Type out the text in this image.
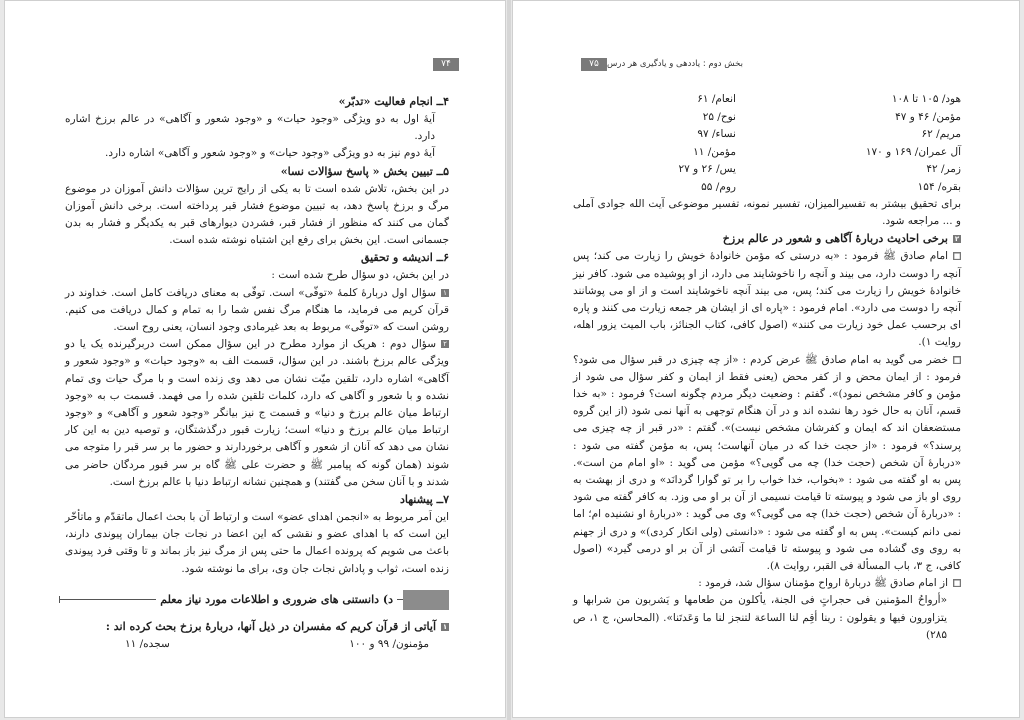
۷۴
۴ــ انجام فعالیت «تدبّر»

آیهٔ اول به دو ویژگی «وجود حیات» و «وجود شعور و آگاهی» در عالم برزخ اشاره دارد.

آیهٔ دوم نیز به دو ویژگی «وجود حیات» و «وجود شعور و آگاهی» اشاره دارد.

۵ــ تبیین بخش « پاسخ سؤالات نسا»

در این بخش، تلاش شده است تا به یکی از رایج ترین سؤالات دانش آموزان در موضوع مرگ و برزخ پاسخ دهد، به تبیین موضوع فشار قبر پرداخته است. برخی دانش آموزان گمان می کنند که منظور از فشار قبر، فشردن دیوارهای قبر به یکدیگر و فشار به بدن جسمانی است. این بخش برای رفع این اشتباه نوشته شده است.

۶ــ اندیشه و تحقیق

در این بخش، دو سؤال طرح شده است :

۱سؤال اول دربارهٔ کلمهٔ «توفّی» است. توفّی به معنای دریافت کامل است. خداوند در قرآن کریم می فرماید، ما هنگام مرگ نفس شما را به تمام و کمال دریافت می کنیم. روشن است که «توفّی» مربوط به بعد غیرمادی وجود انسان، یعنی روح است.

۲سؤال دوم : هریک از موارد مطرح در این سؤال ممکن است دربرگیرنده یک یا دو ویژگی عالم برزخ باشند. در این سؤال، قسمت الف به «وجود حیات» و «وجود شعور و آگاهی» اشاره دارد، تلقین میّت نشان می دهد وی زنده است و با مرگ حیات وی تمام نشده و با شعور و آگاهی که دارد، کلمات تلقین شده را می فهمد. قسمت ب به «وجود ارتباط میان عالم برزخ و دنیا» و قسمت ج نیز بیانگر «وجود شعور و آگاهی» و «وجود ارتباط میان عالم برزخ و دنیا» است؛ زیارت قبور درگذشتگان، و توصیه دین به این کار نشان می دهد که آنان از شعور و آگاهی برخوردارند و حضور ما بر سر قبر را متوجه می شوند (همان گونه که پیامبر ﷺ و حضرت علی ﷺ گاه بر سر قبور مردگان حاضر می شدند و با آنان سخن می گفتند) و همچنین نشانه ارتباط دنیا با عالم برزخ است.

۷ــ پیشنهاد

این اَمر مربوط به «انجمن اهدای عضو» است و ارتباط آن با بحث اعمال ماتقدّم و ماتأخّر این است که با اهدای عضو و نقشی که این اعضا در نجات جان بیماران پیوندی دارند، باعث می شویم که پرونده اعمال ما حتی پس از مرگ نیز باز بماند و تا وقتی فرد پیوندی زنده است، ثواب و پاداش نجات جان وی، برای ما نوشته شود.

د) دانستنی های ضروری و اطلاعات مورد نیاز معلم
۱آیاتی از قرآن کریم که مفسران در ذیل آنها، دربارهٔ برزخ بحث کرده اند :
مؤمنون/ ۹۹ و ۱۰۰	سجده/ ۱۱
۷۵ بخش دوم : یاددهی و یادگیری هر درس
هود/ ۱۰۵ تا ۱۰۸	انعام/ ۶۱
مؤمن/ ۴۶ و ۴۷	نوح/ ۲۵
مریم/ ۶۲	نساء/ ۹۷
آل عمران/ ۱۶۹ و ۱۷۰	مؤمن/ ۱۱
زمر/ ۴۲	یس/ ۲۶ و ۲۷
بقره/ ۱۵۴	روم/ ۵۵

برای تحقیق بیشتر به تفسیرالمیزان، تفسیر نمونه، تفسیر موضوعی آیت الله جوادی آملی و ... مراجعه شود.

۲برخی احادیث دربارهٔ آگاهی و شعور در عالم برزخ

■امام صادق ﷺ فرمود : «به درستی که مؤمن خانوادهٔ خویش را زیارت می کند؛ پس آنچه را دوست دارد، می بیند و آنچه را ناخوشایند می دارد، از او پوشیده می شود. کافر نیز خانوادهٔ خویش را زیارت می کند؛ پس، می بیند آنچه ناخوشایند است و از او می پوشانند آنچه را دوست می دارد». امام فرمود : «پاره ای از ایشان هر جمعه زیارت می کنند و پاره ای برحسب عمل خود زیارت می کنند» (اصول کافی، کتاب الجنائز، باب المیت یزور اهله، روایت ۱).

■خضر می گوید به امام صادق ﷺ عرض کردم : «از چه چیزی در قبر سؤال می شود؟ فرمود : از ایمان محض و از کفر محض (یعنی فقط از ایمان و کفر سؤال می شود از مؤمن و کافر مشخص نمود)». گفتم : وضعیت دیگر مردم چگونه است؟ فرمود : «به خدا قسم، آنان به حال خود رها نشده اند و در آن هنگام توجهی به آنها نمی شود (از این گروه مستضعفان اند که ایمان و کفرشان مشخص نیست)». گفتم : «در قبر از چه چیزی می پرسند؟» فرمود : «از حجت خدا که در میان آنهاست؛ پس، به مؤمن گفته می شود : «دربارهٔ آن شخص (حجت خدا) چه می گویی؟» مؤمن می گوید : «او امام من است». پس به او گفته می شود : «بخواب، خدا خواب را بر تو گوارا گردانَد» و دری از بهشت به روی او باز می شود و پیوسته تا قیامت نسیمی از آن بر او می وزد. به کافر گفته می شود : «دربارهٔ آن شخص (حجت خدا) چه می گویی؟» وی می گوید : «دربارهٔ او نشنیده ام؛ اما نمی دانم کیست». پس به او گفته می شود : «دانستی (ولی انکار کردی)» و دری از جهنم به روی وی گشاده می شود و پیوسته تا قیامت آتشی از آن بر او درمی گیرد» (اصول کافی، ج ۳، باب المسألة فی القبر، روایت ۸).

■از امام صادق ﷺ دربارهٔ ارواح مؤمنان سؤال شد، فرمود :

«أرواحُ المؤمنین فی حجراتٍ فی الجنة، یأکلون من طعامها و یَشربون من شرابها و یتزاورون فیها و یقولون : ربنا أقِم لنا الساعة لتنجز لنا ما وَعَدتَنا». (المحاسن، ج ۱، ص ۲۸۵)
